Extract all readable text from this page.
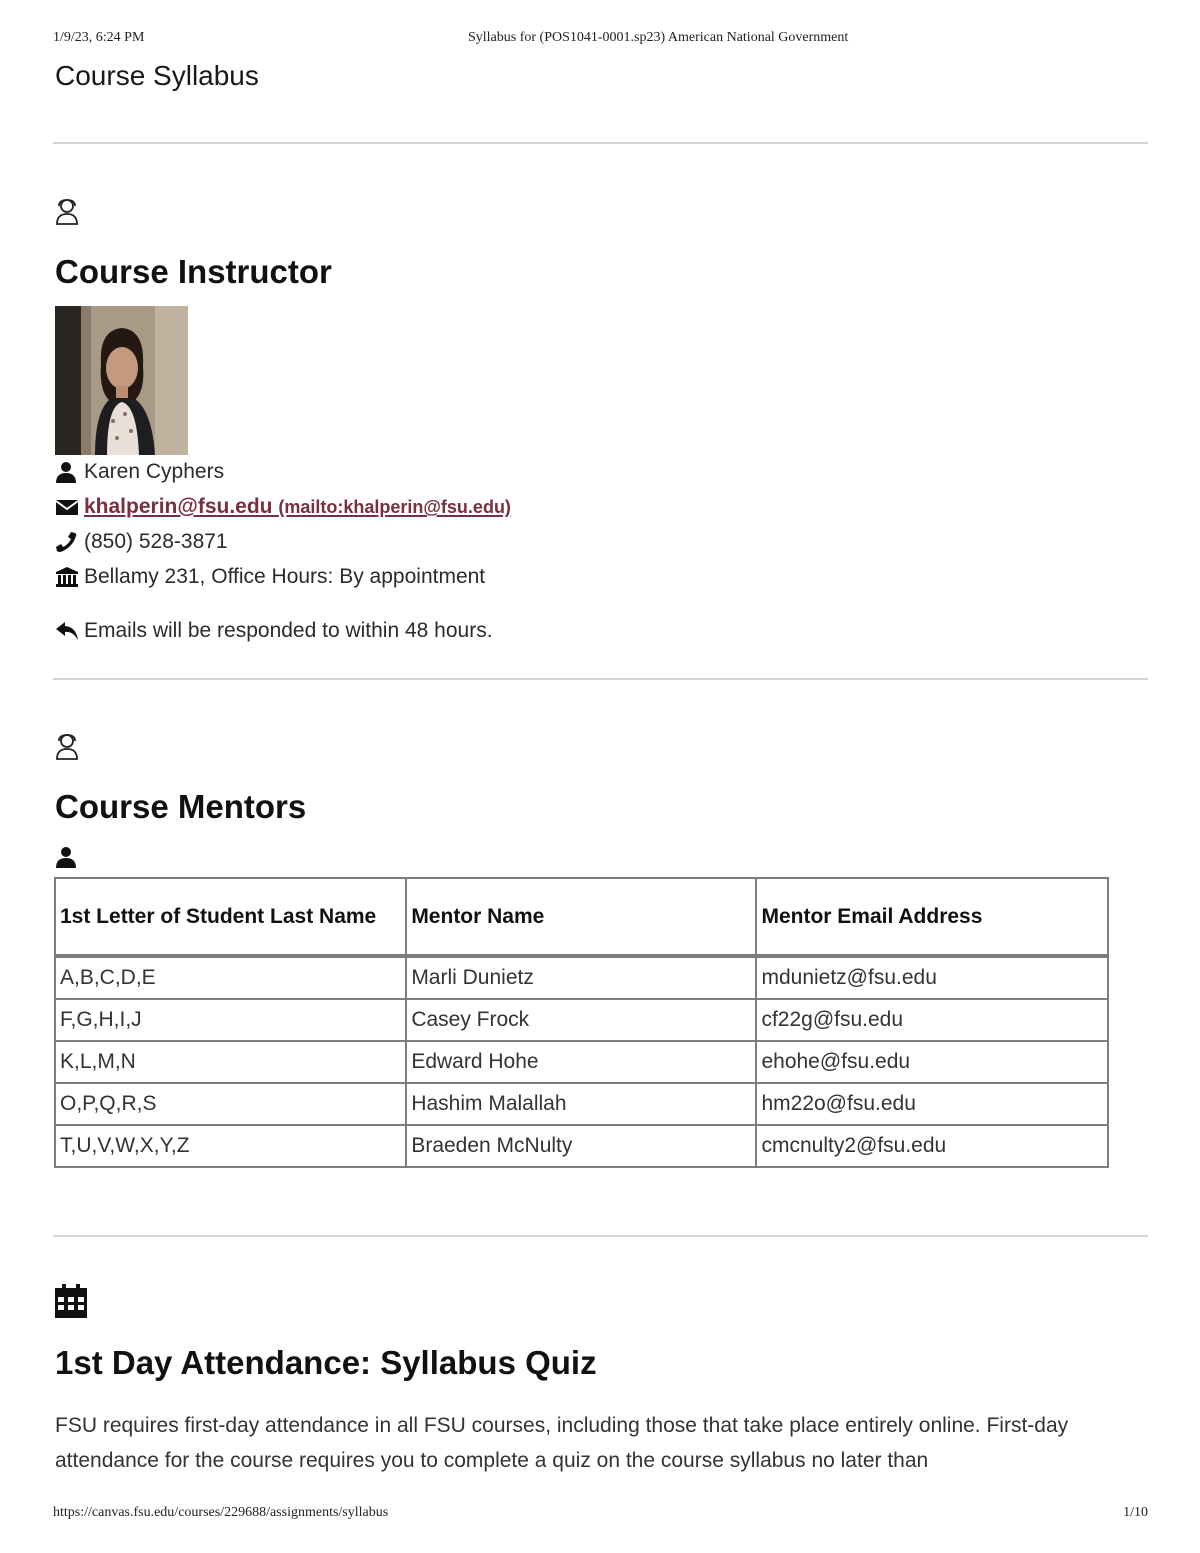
1/9/23, 6:24 PM	Syllabus for (POS1041-0001.sp23) American National Government
Course Syllabus
Course Instructor
Karen Cyphers
khalperin@fsu.edu (mailto:khalperin@fsu.edu)
(850) 528-3871
Bellamy 231, Office Hours: By appointment
Emails will be responded to within 48 hours.
Course Mentors
1st Letter of Student Last Name	Mentor Name	Mentor Email Address
A,B,C,D,E	Marli Dunietz	mdunietz@fsu.edu
F,G,H,I,J	Casey Frock	cf22g@fsu.edu
K,L,M,N	Edward Hohe	ehohe@fsu.edu
O,P,Q,R,S	Hashim Malallah	hm22o@fsu.edu
T,U,V,W,X,Y,Z	Braeden McNulty	cmcnulty2@fsu.edu
1st Day Attendance: Syllabus Quiz

FSU requires first-day attendance in all FSU courses, including those that take place entirely online. First-day attendance for the course requires you to complete a quiz on the course syllabus no later than

https://canvas.fsu.edu/courses/229688/assignments/syllabus	1/10
